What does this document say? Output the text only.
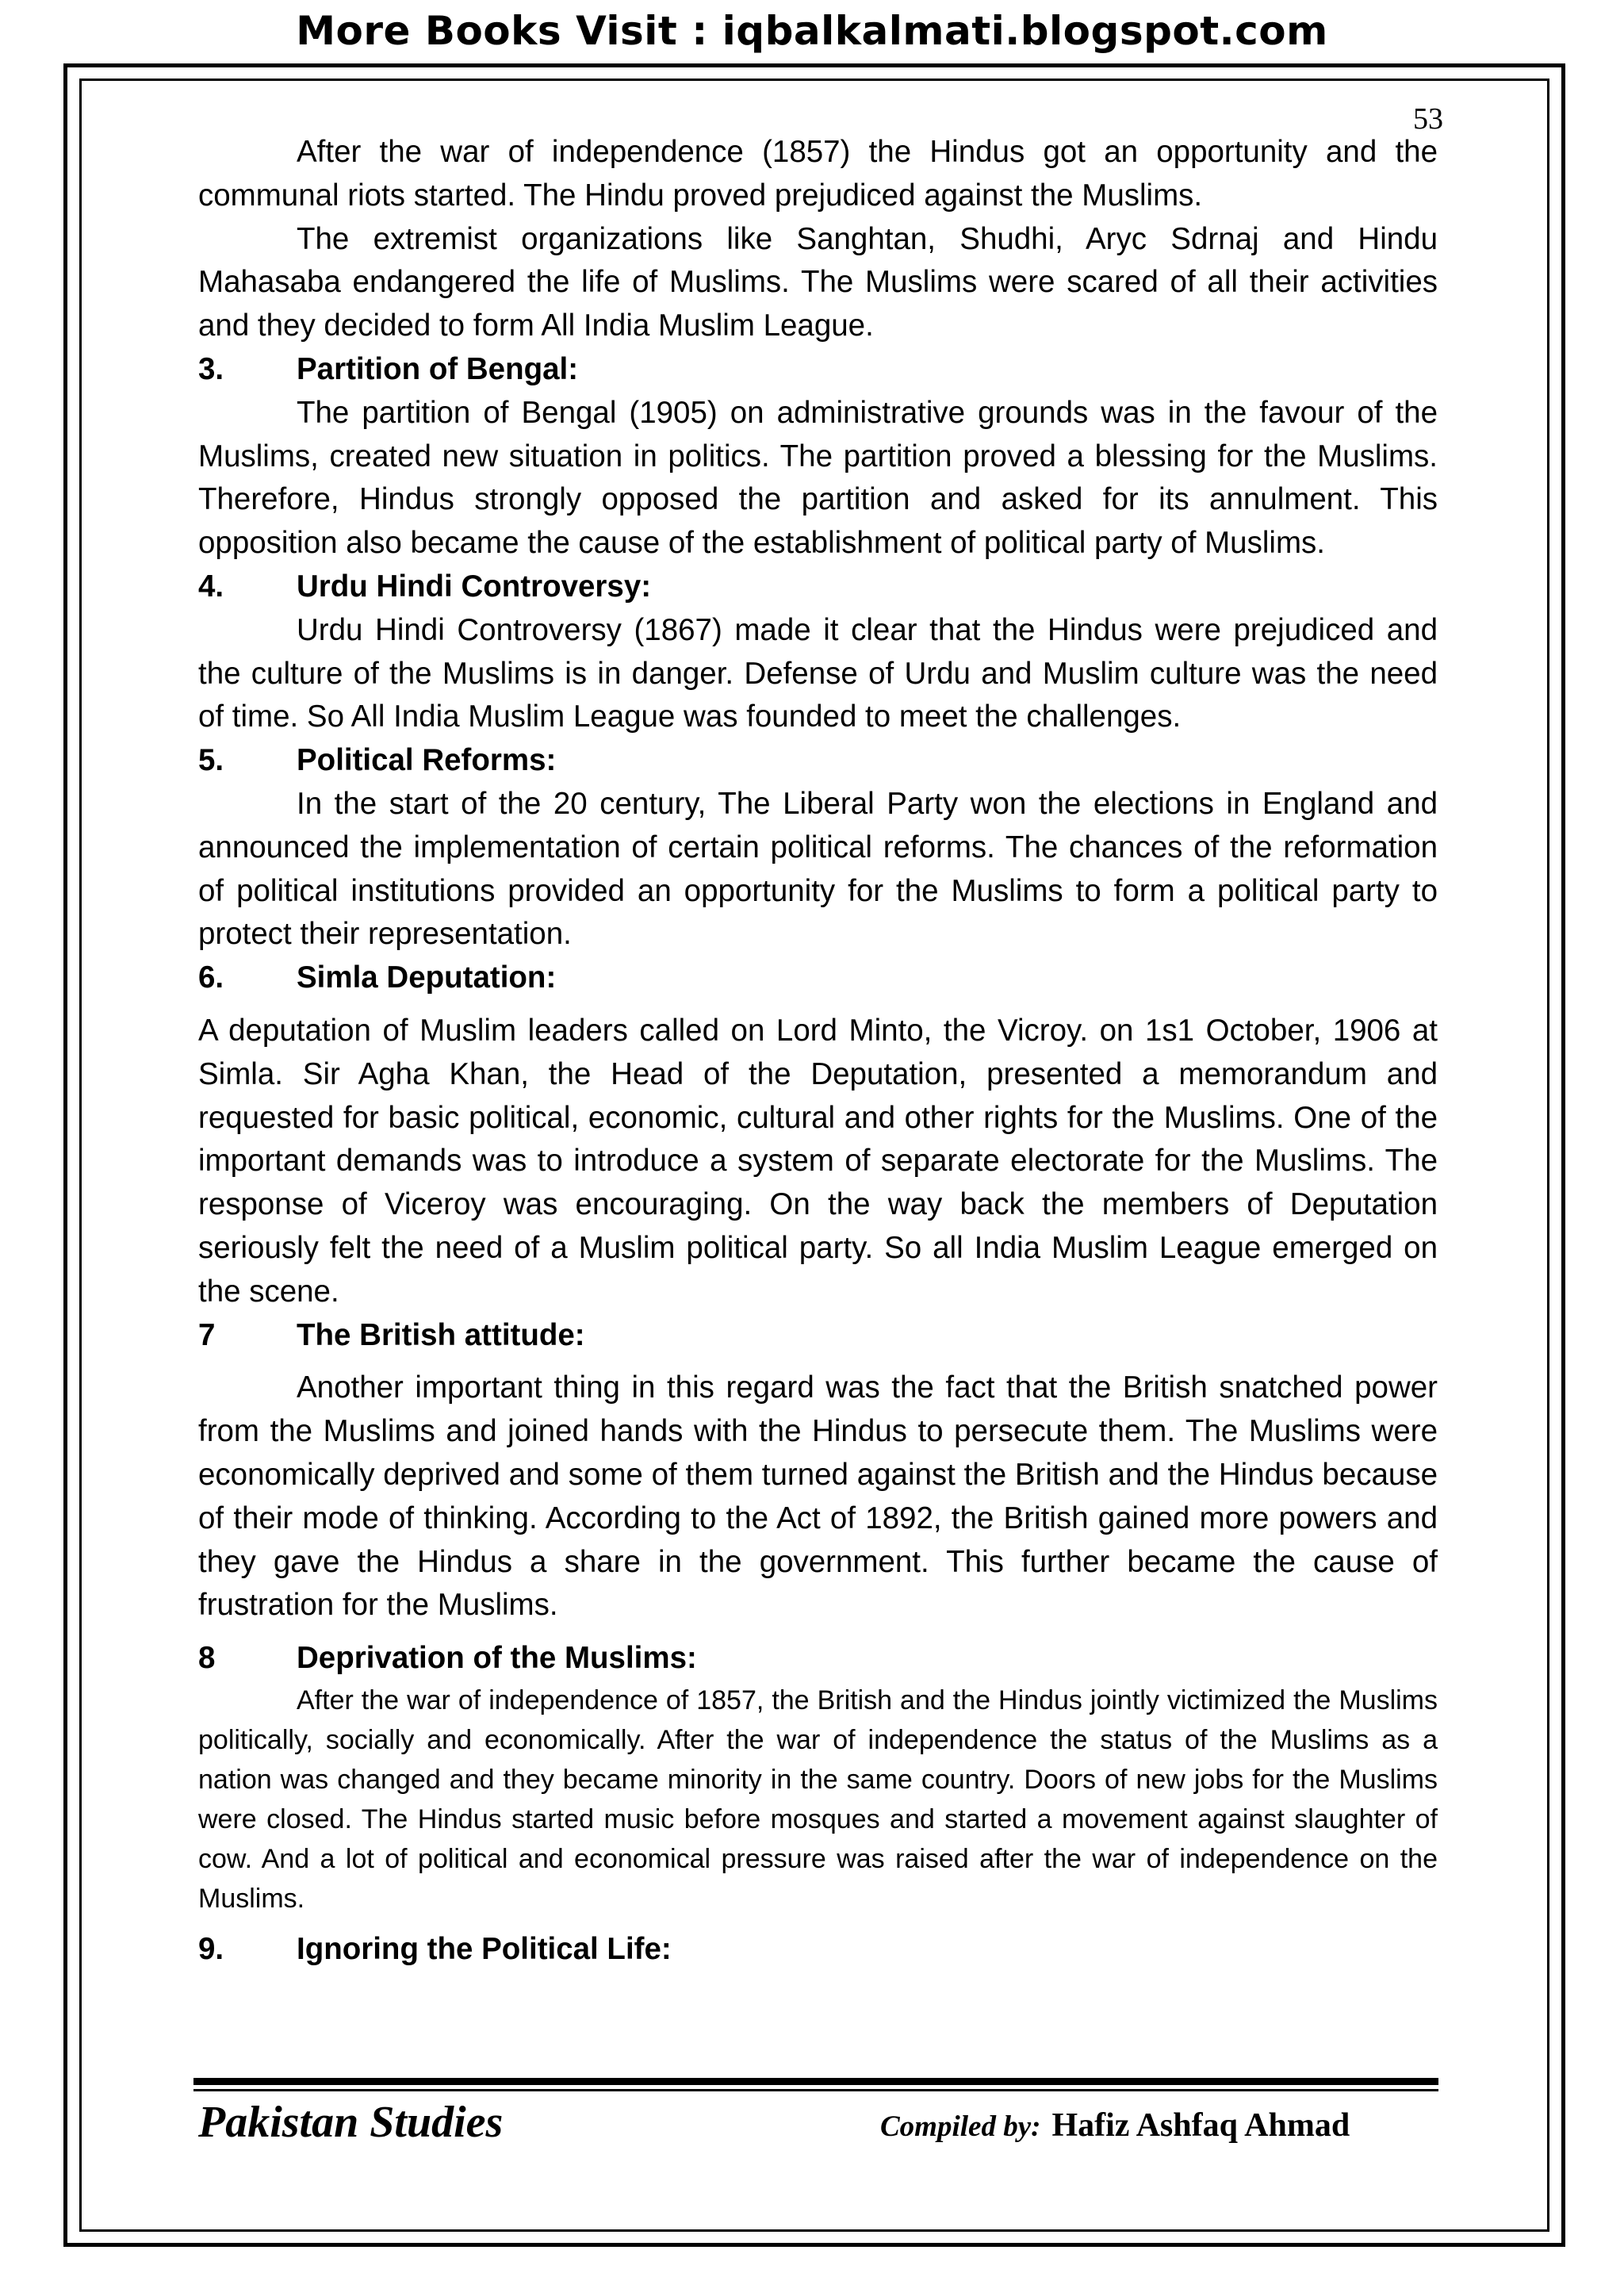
More Books Visit : iqbalkalmati.blogspot.com
53

After the war of independence (1857) the Hindus got an opportunity and the communal riots started. The Hindu proved prejudiced against the Muslims.

The extremist organizations like Sanghtan, Shudhi, Aryc Sdrnaj and Hindu Mahasaba endangered the life of Muslims. The Muslims were scared of all their activities and they decided to form All India Muslim League.

3.	Partition of Bengal:

The partition of Bengal (1905) on administrative grounds was in the favour of the Muslims, created new situation in politics. The partition proved a blessing for the Muslims. Therefore, Hindus strongly opposed the partition and asked for its annulment. This opposition also became the cause of the establishment of political party of Muslims.

4.	Urdu Hindi Controversy:

Urdu Hindi Controversy (1867) made it clear that the Hindus were prejudiced and the culture of the Muslims is in danger. Defense of Urdu and Muslim culture was the need of time. So All India Muslim League was founded to meet the challenges.

5.	Political Reforms:

In the start of the 20 century, The Liberal Party won the elections in England and announced the implementation of certain political reforms. The chances of the reformation of political institutions provided an opportunity for the Muslims to form a political party to protect their representation.

6.	Simla Deputation:

A deputation of Muslim leaders called on Lord Minto, the Vicroy. on 1s1 October, 1906 at Simla. Sir Agha Khan, the Head of the Deputation, presented a memorandum and requested for basic political, economic, cultural and other rights for the Muslims. One of the important demands was to introduce a system of separate electorate for the Muslims. The response of Viceroy was encouraging. On the way back the members of Deputation seriously felt the need of a Muslim political party. So all India Muslim League emerged on the scene.

7	The British attitude:

Another important thing in this regard was the fact that the British snatched power from the Muslims and joined hands with the Hindus to persecute them. The Muslims were economically deprived and some of them turned against the British and the Hindus because of their mode of thinking. According to the Act of 1892, the British gained more powers and they gave the Hindus a share in the government. This further became the cause of frustration for the Muslims.

8	Deprivation of the Muslims:

After the war of independence of 1857, the British and the Hindus jointly victimized the Muslims politically, socially and economically. After the war of independence the status of the Muslims as a nation was changed and they became minority in the same country. Doors of new jobs for the Muslims were closed. The Hindus started music before mosques and started a movement against slaughter of cow. And a lot of political and economical pressure was raised after the war of independence on the Muslims.

9.	Ignoring the Political Life:
Pakistan Studies	Compiled by: Hafiz Ashfaq Ahmad
